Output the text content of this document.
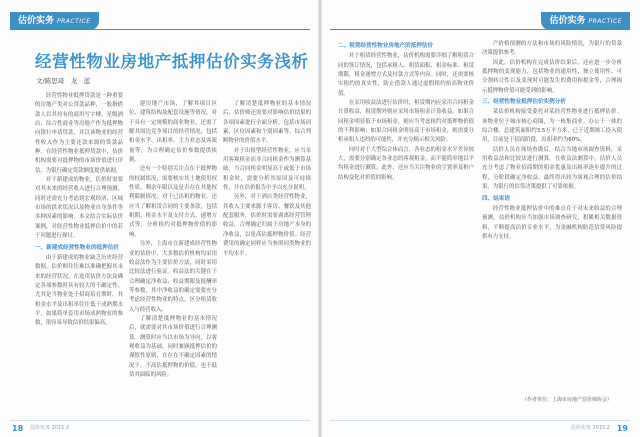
估价实务 PRACTICE
经营性物业房地产抵押估价实务浅析
文/陈思琦　龙　蓝

经营性物业抵押贷款是一种重要的房地产类对公贷款品种，一般指借款人以其持有的商用写字楼、星级酒店、综合性商业等房地产作为抵押物向银行申请贷款，并以该物业的经营性收入作为主要还款来源的贷款品种。在经营性物业抵押贷款中，估价机构需要对抵押物的市场价值进行评估，为银行确定贷款额度提供依据。

对于新建成的物业，估价时需要对其未来的经营收入进行合理预测，同时还需充分考虑到宏观经济、区域市场的供求状况以及物业自身条件等多种因素的影响。本文结合实际估价案例，对经营性物业抵押估价中的若干问题进行探讨。

一、新建成经营性物业的抵押估价

由于新建成的物业缺乏历史经营数据，估价师往往难以准确把握其未来的经营状况，在选用估价方法及确定各项参数时具有较大的不确定性。尤其是当物业处于招商培育期时，其租金水平及出租率往往低于成熟期水平，如果简单套用市场成熟物业的参数，很容易导致估价结果偏高。

建房地产市场，了解其项目区位、建筑结构及配套设施等情况。对于具有一定规模的商业物业，还需了解其周边竞争项目的经营情况，包括租金水平、出租率、主力业态及客流量等，为合理确定估价参数提供依据。

还有一个特别关注点在于抵押物的权属状况，需要核实其土地使用权性质、剩余年限以及是否存在其他权利限制情况。对于已出租的物业，还应当了解租赁合同的主要条款，包括租期、租金水平及支付方式、递增方式等，分析租约对抵押物价值的影响。

另外，上海市在新建成经营性物业的估价中，大多数估价机构均采用收益法作为主要估价方法，同时采用比较法进行验证。收益法的关键在于合理确定净收益、收益期限及报酬率等参数，其中净收益的确定需要充分考虑经营性物业的特点，区分租赁收入与经营收入。

了解清楚抵押物业的基本情况后，就需要对其市场价值进行合理测算。测算时应当以市场为导向，以客观收益为基础，同时兼顾抵押估价的谨慎性原则，在存在不确定因素的情况下，不高估抵押物的价值，也不低估其面临的风险。

了解清楚抵押物业的基本情况后，估价师还需要对影响估价结果的各项因素进行全面分析，包括市场因素、区位因素和个别因素等，综合判断物业的价值水平。

对于出租型经营性物业，应当采用客观租金而非合同租金作为测算基础，当合同租金明显高于或低于市场租金时，需要分析其原因及可持续性，并在估价报告中予以充分说明。

另外，对于酒店类经营性物业，其收入主要来源于客房、餐饮及其他配套服务，估价时需要剥离经营管理收益，合理确定归属于房地产本身的净收益，以免高估抵押物价值。经营费用的确定同样应当参照同类物业的平均水平。

18 估价实务 2015.2
估价实务 PRACTICE
二、租赁经营性物业房地产的抵押估价

对于租赁经营性物业，估价机构需要详细了解租赁合同的签订情况，包括承租人、租赁面积、租金标准、租赁期限、租金递增方式及付款方式等内容。同时，还需要核实租约的真实性，防止借款人通过虚假租约抬高物业价值。

在采用收益法进行估价时，租赁期内应采用合同租金计算收益，租赁期外则应采用市场租金计算收益。如果合同租金明显低于市场租金，则应当考虑租约对抵押物价值的不利影响；如果合同租金明显高于市场租金，则需要分析承租人违约的可能性，并充分揭示相关风险。

同时对于大型综合体而言，各业态的租金水平差异较大，需要分别确定各业态的客观租金，而不能简单地以平均租金进行测算。此外，还应当关注物业的空置率及租户结构变化对价值的影响。

产价格预测的方法和市场的风险情况，为银行的贷款决策提供参考。

因此，估价机构在完成估价结果后，还应进一步分析抵押物的变现能力，包括物业的通用性、独立使用性、可分割转让性以及变现时可能发生的费用和税金等，合理揭示抵押物价值可能受到的影响。

三、经营性物业抵押估价实例分析

某估价机构接受委托对某经营性物业进行抵押估价。该物业位于城市核心商圈，为一栋集商业、办公于一体的综合楼，总建筑面积约3.5万平方米，已于近期竣工投入使用，目前处于招商阶段，出租率约为60%。

估价人员在现场查勘后，结合当地市场调查资料，采用收益法和比较法进行测算。在收益法测算中，估价人员充分考虑了物业招商期的租金优惠及出租率逐步提升的过程，分阶段确定净收益，最终得出较为客观合理的估价结果，为银行的信贷决策提供了可靠依据。

四、结束语

经营性物业抵押估价中的难点在于对未来收益的合理预测，估价机构应当加强市场调查研究，积累相关数据资料，不断提高估价专业水平，为金融机构防范信贷风险提供有力支持。

（作者单位：上海市房地产估价师协会）
估价实务 2015.2 19
